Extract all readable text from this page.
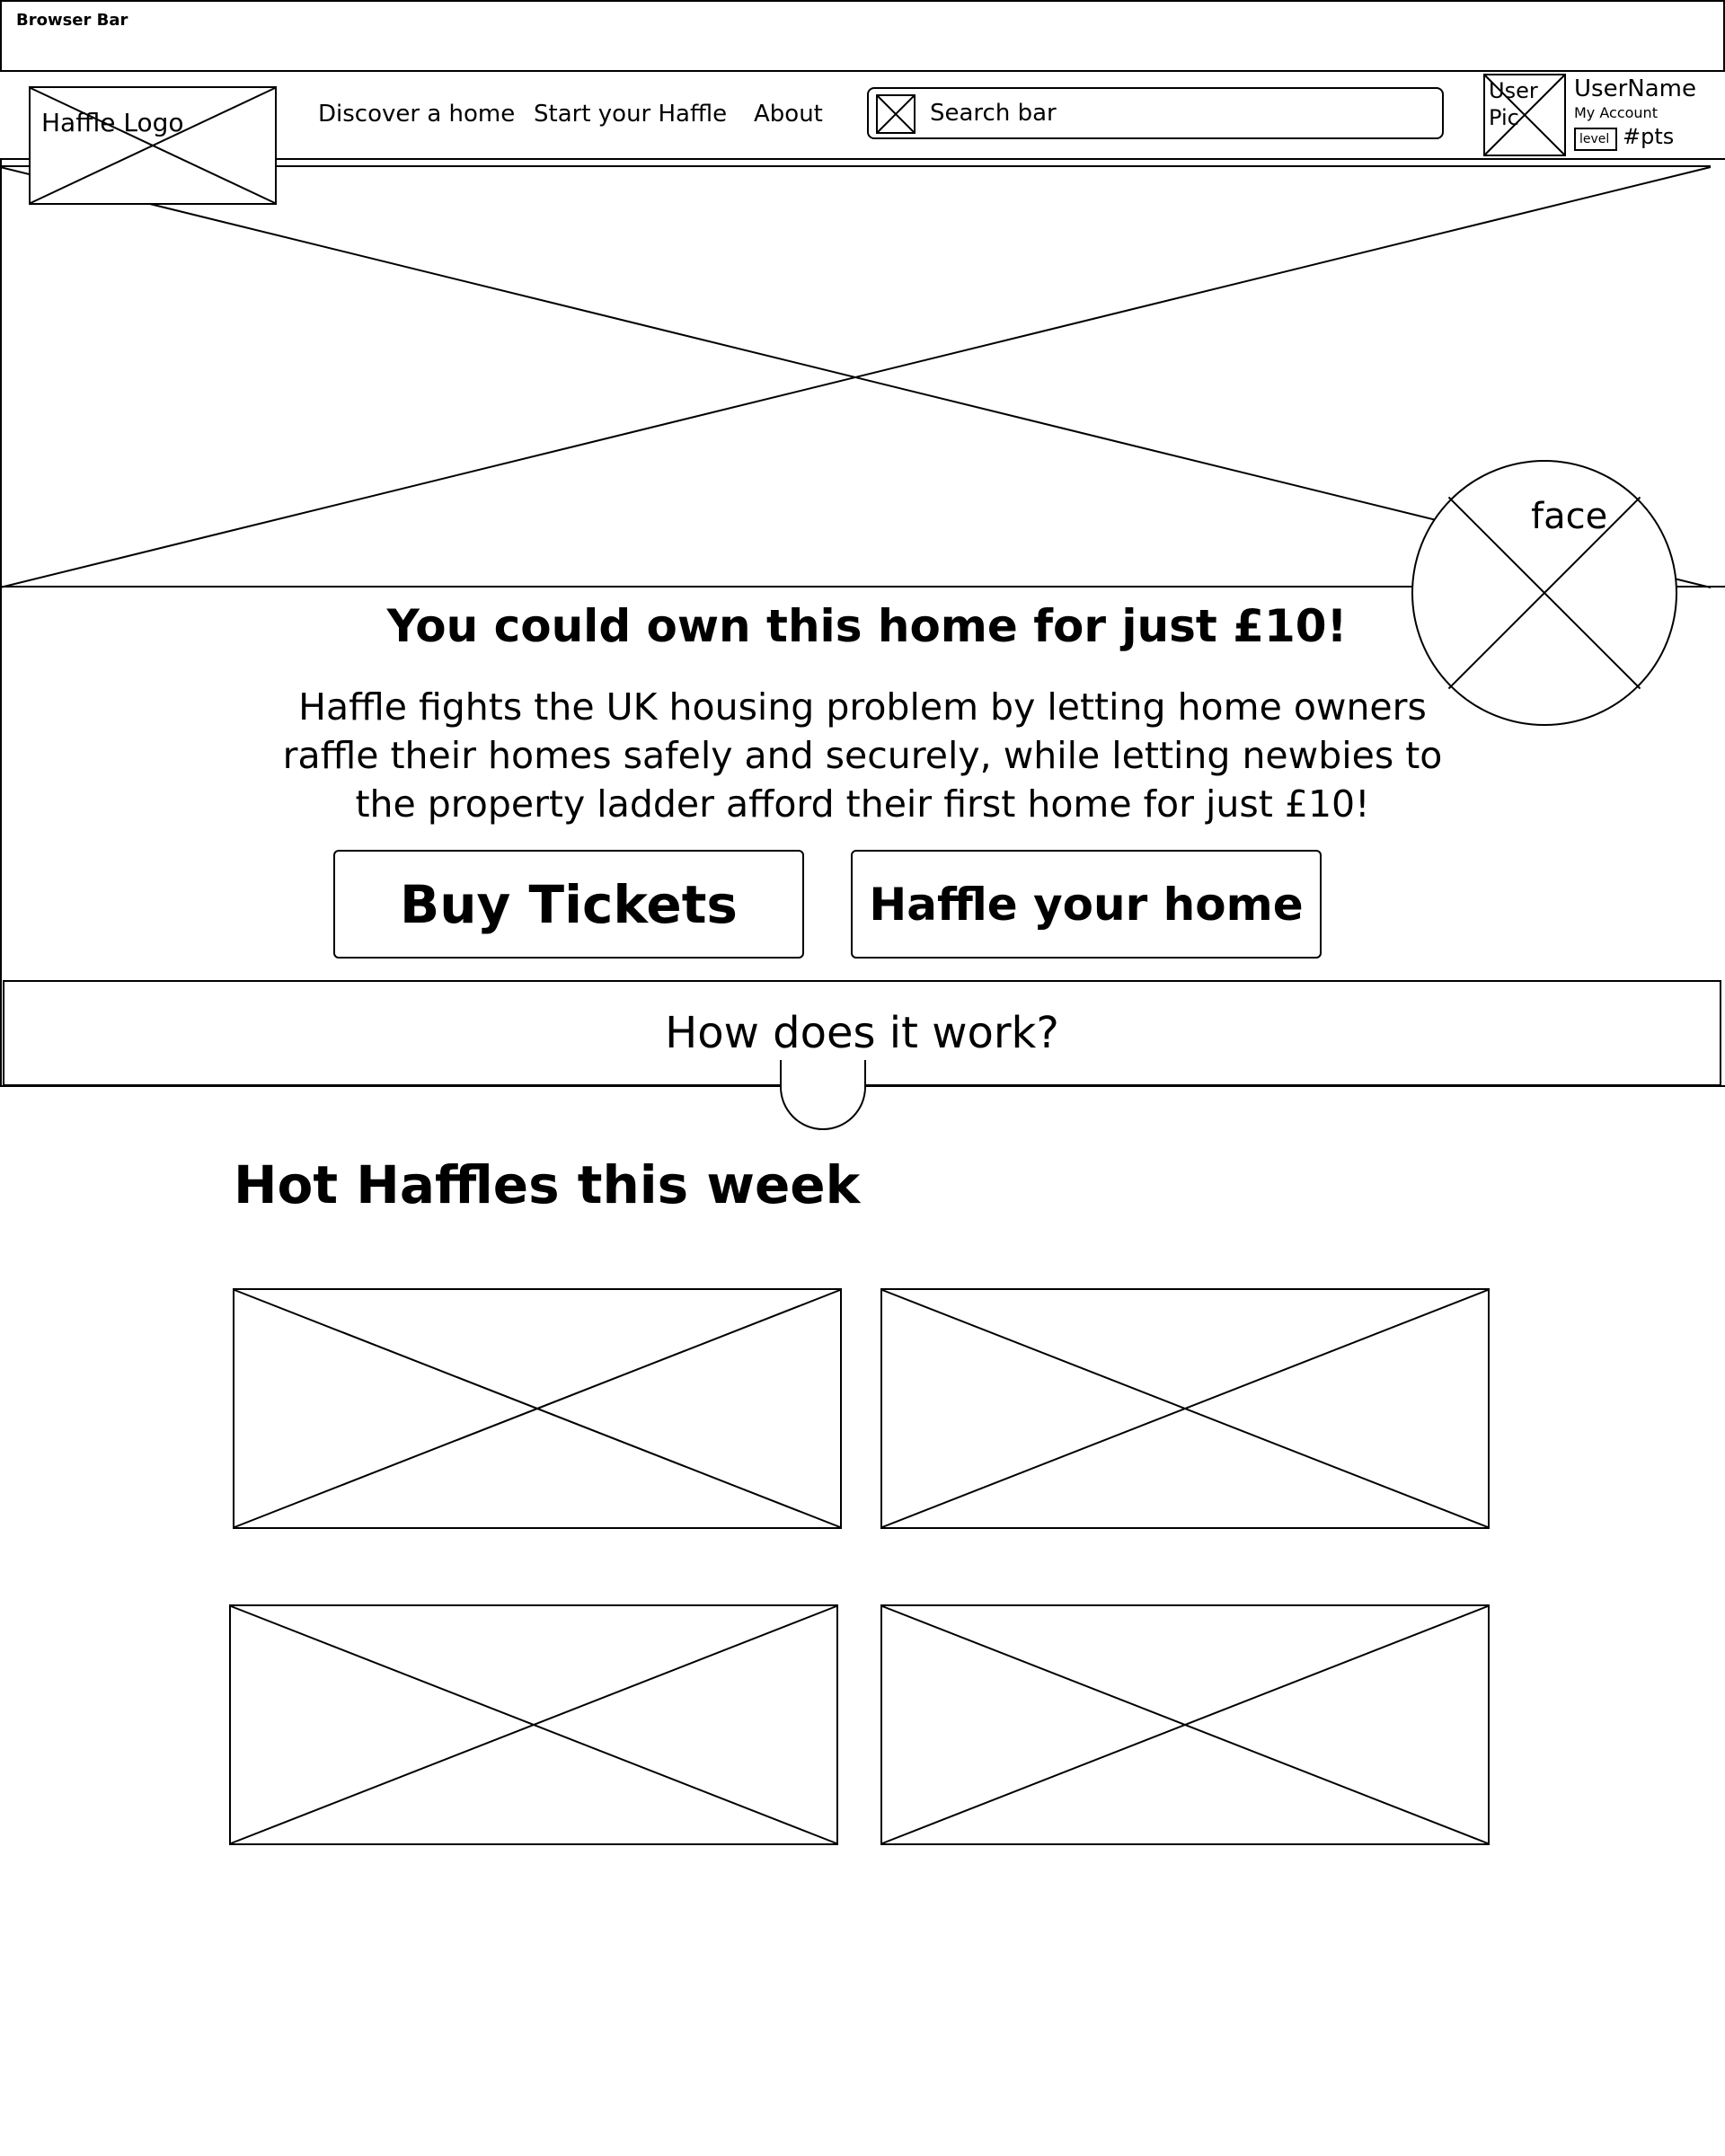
Browser Bar
Haffle Logo	Discover a home Start your Haffle About	Search bar
User Pic
UserName
My Account
level #pts
face
You could own this home for just £10!
Haffle fights the UK housing problem by letting home owners
raffle their homes safely and securely, while letting newbies to
the property ladder afford their first home for just £10!
Buy Tickets	Haffle your home
How does it work?
Hot Haffles this week
